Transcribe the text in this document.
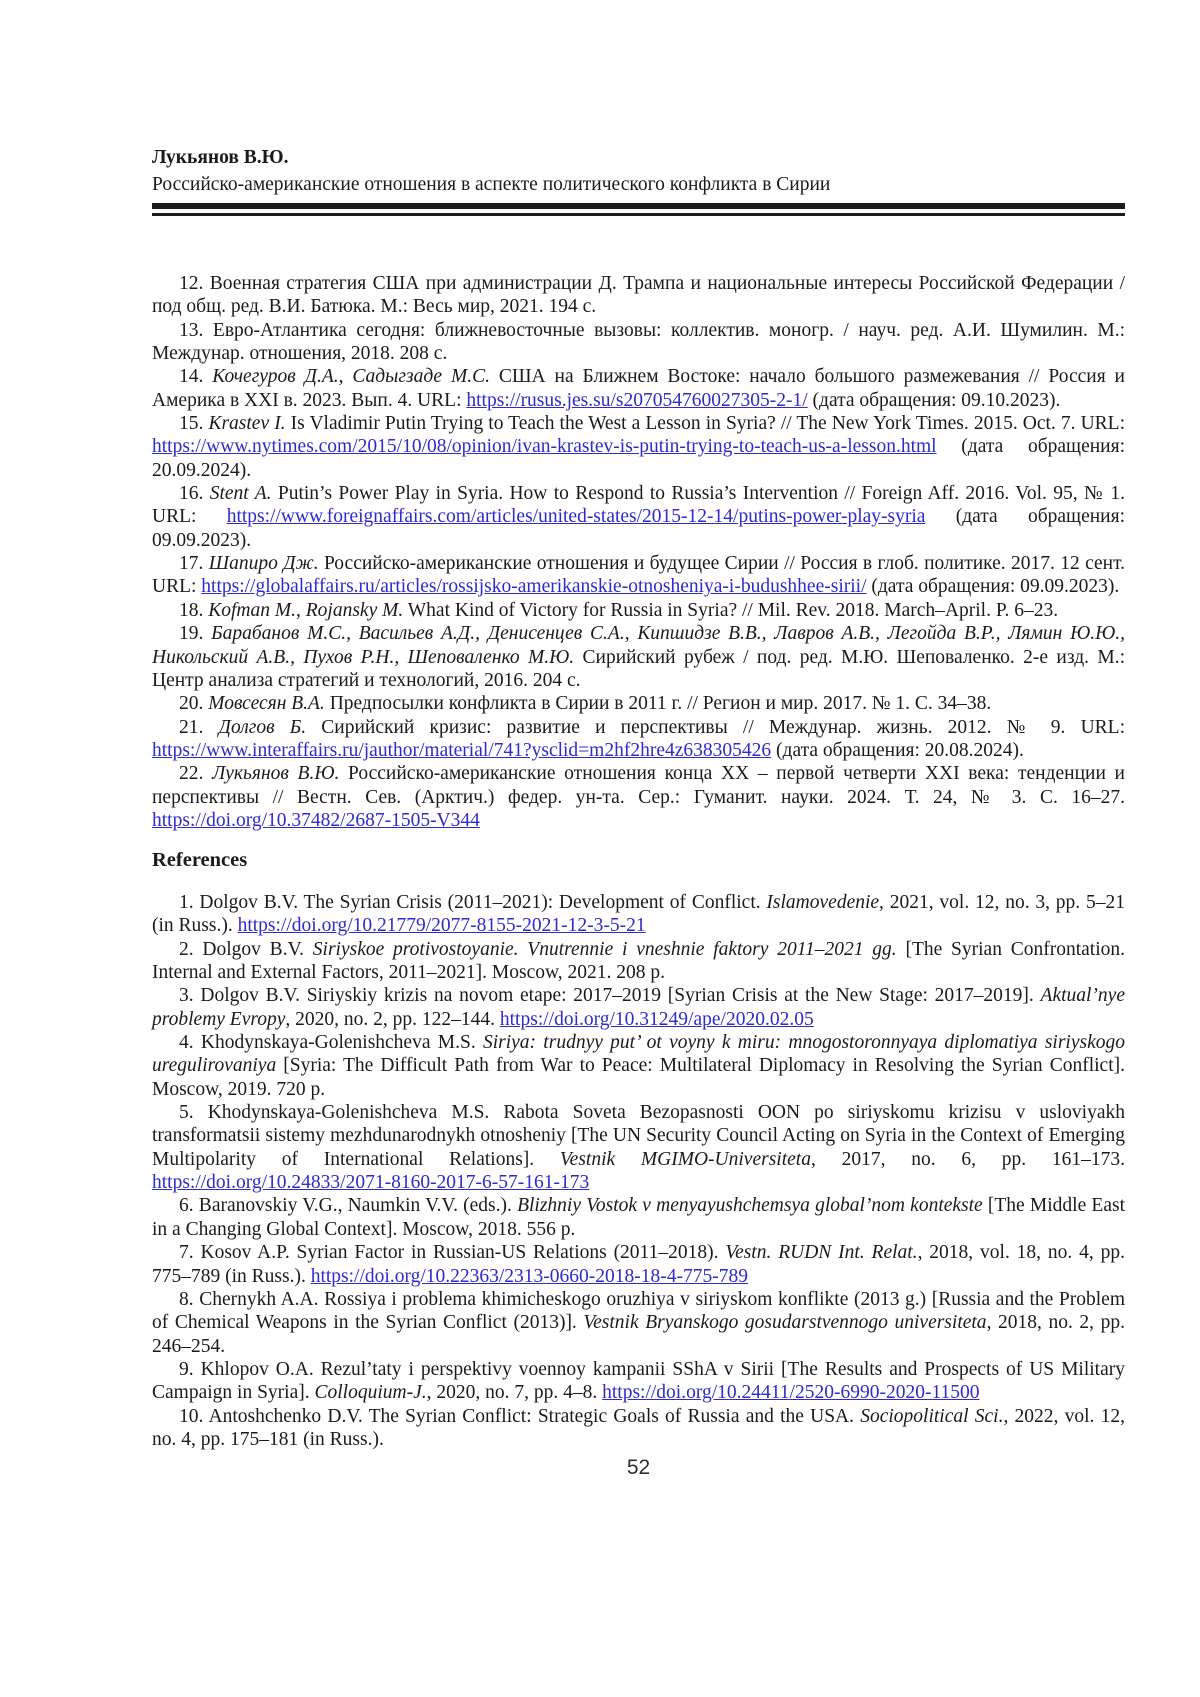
Лукьянов В.Ю.
Российско-американские отношения в аспекте политического конфликта в Сирии

12. Военная стратегия США при администрации Д. Трампа и национальные интересы Российской Федерации / под общ. ред. В.И. Батюка. М.: Весь мир, 2021. 194 с.

13. Евро-Атлантика сегодня: ближневосточные вызовы: коллектив. моногр. / науч. ред. А.И. Шумилин. М.: Междунар. отношения, 2018. 208 с.

14. Кочегуров Д.А., Садыгзаде М.С. США на Ближнем Востоке: начало большого размежевания // Россия и Америка в XXI в. 2023. Вып. 4. URL: https://rusus.jes.su/s207054760027305-2-1/ (дата обращения: 09.10.2023).

15. Krastev I. Is Vladimir Putin Trying to Teach the West a Lesson in Syria? // The New York Times. 2015. Oct. 7. URL: https://www.nytimes.com/2015/10/08/opinion/ivan-krastev-is-putin-trying-to-teach-us-a-lesson.html (дата обращения: 20.09.2024).

16. Stent A. Putin’s Power Play in Syria. How to Respond to Russia’s Intervention // Foreign Aff. 2016. Vol. 95, № 1. URL: https://www.foreignaffairs.com/articles/united-states/2015-12-14/putins-power-play-syria (дата обращения: 09.09.2023).

17. Шапиро Дж. Российско-американские отношения и будущее Сирии // Россия в глоб. политике. 2017. 12 сент. URL: https://globalaffairs.ru/articles/rossijsko-amerikanskie-otnosheniya-i-budushhee-sirii/ (дата обращения: 09.09.2023).

18. Kofman M., Rojansky M. What Kind of Victory for Russia in Syria? // Mil. Rev. 2018. March–April. P. 6–23.

19. Барабанов М.С., Васильев А.Д., Денисенцев С.А., Кипшидзе В.В., Лавров А.В., Легойда В.Р., Лямин Ю.Ю., Никольский А.В., Пухов Р.Н., Шеповаленко М.Ю. Сирийский рубеж / под. ред. М.Ю. Шеповаленко. 2-е изд. М.: Центр анализа стратегий и технологий, 2016. 204 с.

20. Мовсесян В.А. Предпосылки конфликта в Сирии в 2011 г. // Регион и мир. 2017. № 1. С. 34–38.

21. Долгов Б. Сирийский кризис: развитие и перспективы // Междунар. жизнь. 2012. № 9. URL: https://www.interaffairs.ru/jauthor/material/741?ysclid=m2hf2hre4z638305426 (дата обращения: 20.08.2024).

22. Лукьянов В.Ю. Российско-американские отношения конца XX – первой четверти XXI века: тенденции и перспективы // Вестн. Сев. (Арктич.) федер. ун-та. Сер.: Гуманит. науки. 2024. Т. 24, № 3. С. 16–27. https://doi.org/10.37482/2687-1505-V344

References

1. Dolgov B.V. The Syrian Crisis (2011–2021): Development of Conflict. Islamovedenie, 2021, vol. 12, no. 3, pp. 5–21 (in Russ.). https://doi.org/10.21779/2077-8155-2021-12-3-5-21

2. Dolgov B.V. Siriyskoe protivostoyanie. Vnutrennie i vneshnie faktory 2011–2021 gg. [The Syrian Confrontation. Internal and External Factors, 2011–2021]. Moscow, 2021. 208 p.

3. Dolgov B.V. Siriyskiy krizis na novom etape: 2017–2019 [Syrian Crisis at the New Stage: 2017–2019]. Aktual’nye problemy Evropy, 2020, no. 2, pp. 122–144. https://doi.org/10.31249/ape/2020.02.05

4. Khodynskaya-Golenishcheva M.S. Siriya: trudnyy put’ ot voyny k miru: mnogostoronnyaya diplomatiya siriyskogo uregulirovaniya [Syria: The Difficult Path from War to Peace: Multilateral Diplomacy in Resolving the Syrian Conflict]. Moscow, 2019. 720 p.

5. Khodynskaya-Golenishcheva M.S. Rabota Soveta Bezopasnosti OON po siriyskomu krizisu v usloviyakh transformatsii sistemy mezhdunarodnykh otnosheniy [The UN Security Council Acting on Syria in the Context of Emerging Multipolarity of International Relations]. Vestnik MGIMO-Universiteta, 2017, no. 6, pp. 161–173. https://doi.org/10.24833/2071-8160-2017-6-57-161-173

6. Baranovskiy V.G., Naumkin V.V. (eds.). Blizhniy Vostok v menyayushchemsya global’nom kontekste [The Middle East in a Changing Global Context]. Moscow, 2018. 556 p.

7. Kosov A.P. Syrian Factor in Russian-US Relations (2011–2018). Vestn. RUDN Int. Relat., 2018, vol. 18, no. 4, pp. 775–789 (in Russ.). https://doi.org/10.22363/2313-0660-2018-18-4-775-789

8. Chernykh A.A. Rossiya i problema khimicheskogo oruzhiya v siriyskom konflikte (2013 g.) [Russia and the Problem of Chemical Weapons in the Syrian Conflict (2013)]. Vestnik Bryanskogo gosudarstvennogo universiteta, 2018, no. 2, pp. 246–254.

9. Khlopov O.A. Rezul’taty i perspektivy voennoy kampanii SShA v Sirii [The Results and Prospects of US Military Campaign in Syria]. Colloquium-J., 2020, no. 7, pp. 4–8. https://doi.org/10.24411/2520-6990-2020-11500

10. Antoshchenko D.V. The Syrian Conflict: Strategic Goals of Russia and the USA. Sociopolitical Sci., 2022, vol. 12, no. 4, pp. 175–181 (in Russ.).

52
